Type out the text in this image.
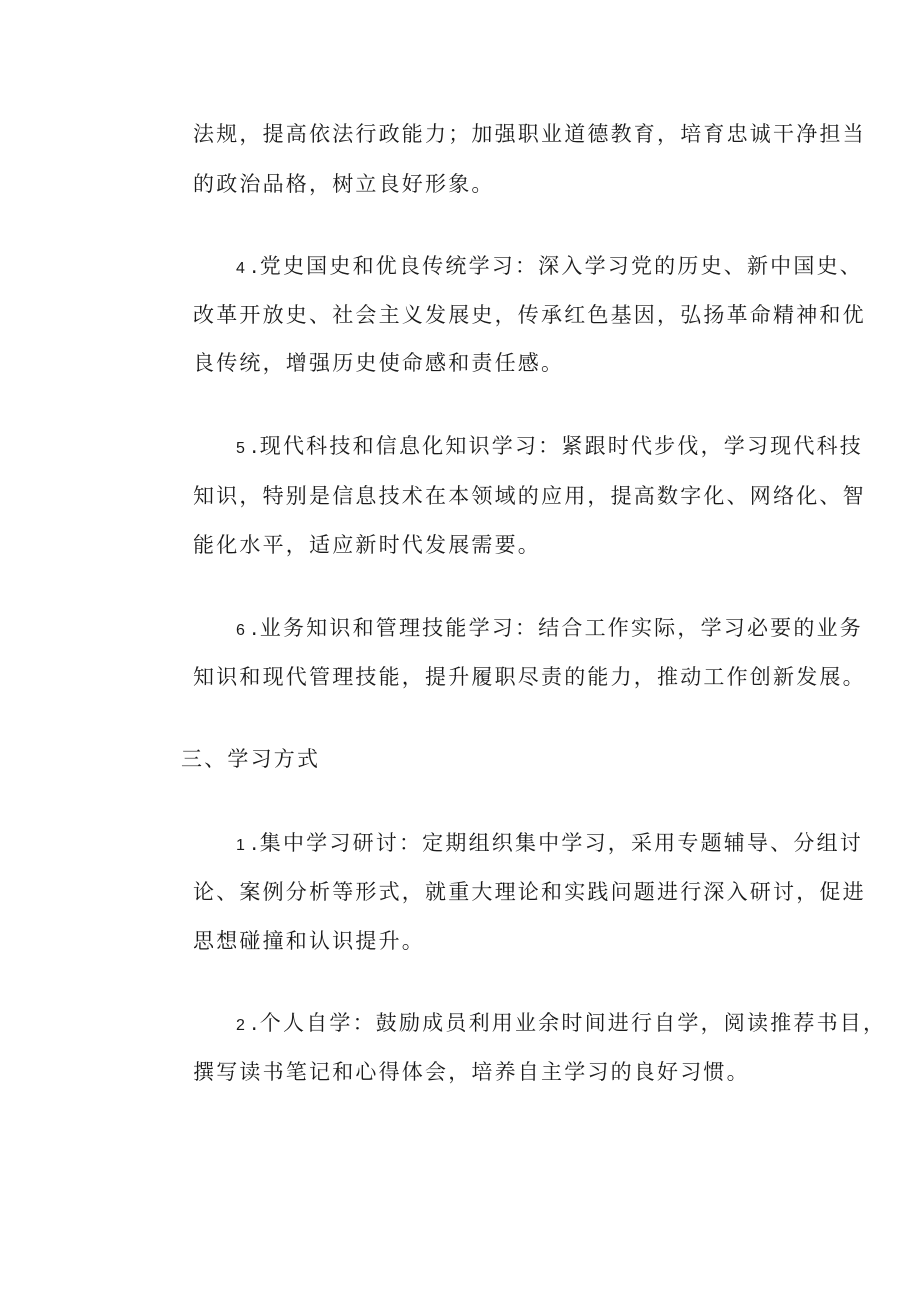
法规，提高依法行政能力；加强职业道德教育，培育忠诚干净担当
的政治品格，树立良好形象。
4 .党史国史和优良传统学习：深入学习党的历史、新中国史、
改革开放史、社会主义发展史，传承红色基因，弘扬革命精神和优
良传统，增强历史使命感和责任感。
5 .现代科技和信息化知识学习：紧跟时代步伐，学习现代科技
知识，特别是信息技术在本领域的应用，提高数字化、网络化、智
能化水平，适应新时代发展需要。
6 .业务知识和管理技能学习：结合工作实际，学习必要的业务
知识和现代管理技能，提升履职尽责的能力，推动工作创新发展。
三、学习方式
1 .集中学习研讨：定期组织集中学习，采用专题辅导、分组讨
论、案例分析等形式，就重大理论和实践问题进行深入研讨，促进
思想碰撞和认识提升。
2 .个人自学：鼓励成员利用业余时间进行自学，阅读推荐书目，
撰写读书笔记和心得体会，培养自主学习的良好习惯。
